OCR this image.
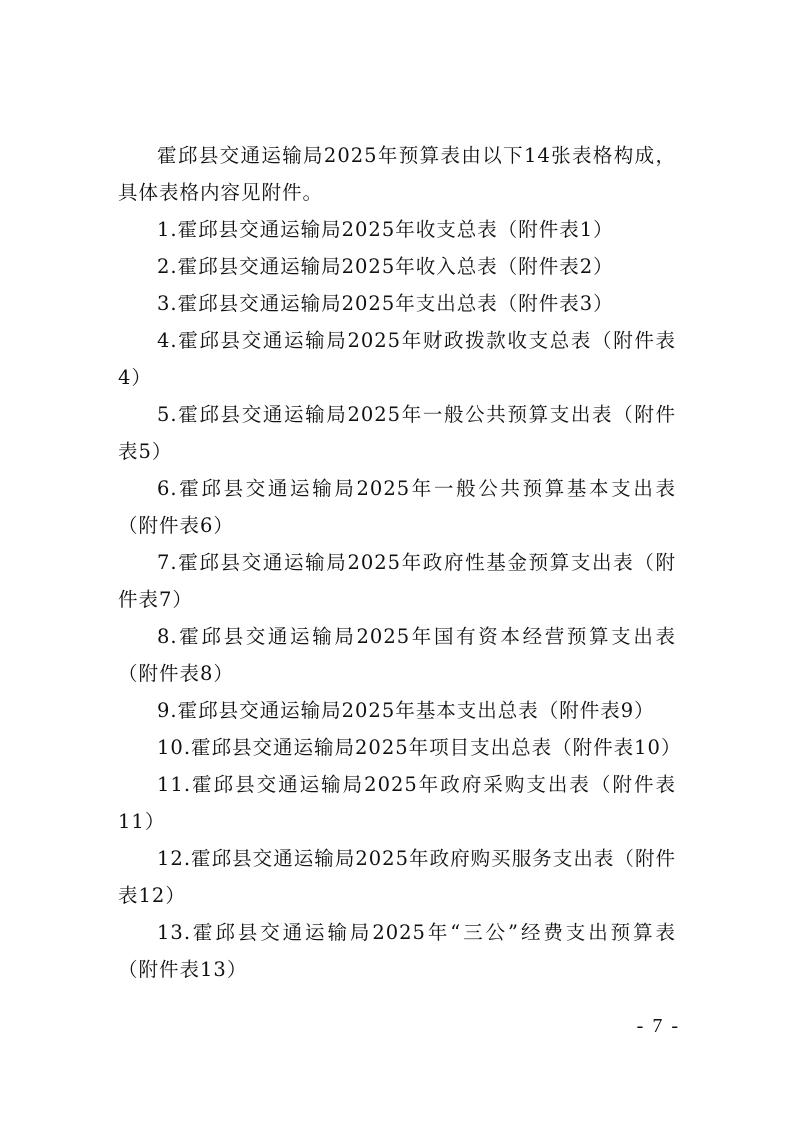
霍邱县交通运输局2025年预算表由以下14张表格构成，具体表格内容见附件。

1.霍邱县交通运输局2025年收支总表（附件表1）

2.霍邱县交通运输局2025年收入总表（附件表2）

3.霍邱县交通运输局2025年支出总表（附件表3）

4.霍邱县交通运输局2025年财政拨款收支总表（附件表4）

5.霍邱县交通运输局2025年一般公共预算支出表（附件表5）

6.霍邱县交通运输局2025年一般公共预算基本支出表（附件表6）

7.霍邱县交通运输局2025年政府性基金预算支出表（附件表7）

8.霍邱县交通运输局2025年国有资本经营预算支出表（附件表8）

9.霍邱县交通运输局2025年基本支出总表（附件表9）

10.霍邱县交通运输局2025年项目支出总表（附件表10）

11.霍邱县交通运输局2025年政府采购支出表（附件表11）

12.霍邱县交通运输局2025年政府购买服务支出表（附件表12）

13.霍邱县交通运输局2025年“三公”经费支出预算表（附件表13）

- 7 -
